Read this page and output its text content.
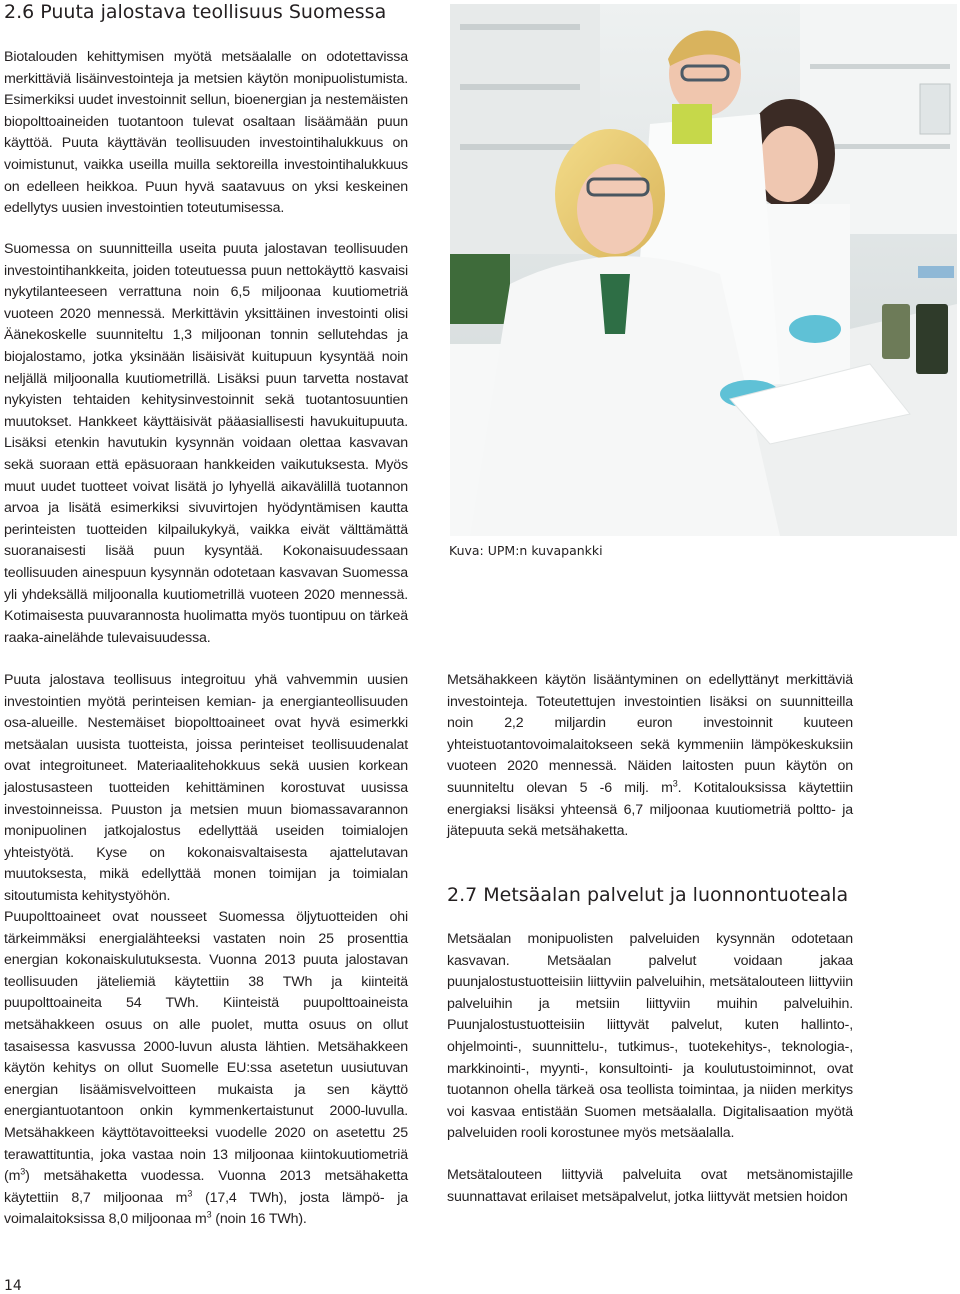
2.6 Puuta jalostava teollisuus Suomessa

Biotalouden kehittymisen myötä metsäalalle on odotettavissa merkittäviä lisäinvestointeja ja metsien käytön monipuolistumista. Esimerkiksi uudet investoinnit sellun, bioenergian ja nestemäisten biopolttoaineiden tuotantoon tulevat osaltaan lisäämään puun käyttöä. Puuta käyttävän teollisuuden investointihalukkuus on voimistunut, vaikka useilla muilla sektoreilla investointihalukkuus on edelleen heikkoa. Puun hyvä saatavuus on yksi keskeinen edellytys uusien investointien toteutumisessa.

Suomessa on suunnitteilla useita puuta jalostavan teollisuuden investointihankkeita, joiden toteutuessa puun nettokäyttö kasvaisi nykytilanteeseen verrattuna noin 6,5 miljoonaa kuutiometriä vuoteen 2020 mennessä. Merkittävin yksittäinen investointi olisi Äänekoskelle suunniteltu 1,3 miljoonan tonnin sellutehdas ja biojalostamo, jotka yksinään lisäisivät kuitupuun kysyntää noin neljällä miljoonalla kuutiometrillä. Lisäksi puun tarvetta nostavat nykyisten tehtaiden kehitysinvestoinnit sekä tuotantosuuntien muutokset. Hankkeet käyttäisivät pääasiallisesti havukuitupuuta. Lisäksi etenkin havutukin kysynnän voidaan olettaa kasvavan sekä suoraan että epäsuoraan hankkeiden vaikutuksesta. Myös muut uudet tuotteet voivat lisätä jo lyhyellä aikavälillä tuotannon arvoa ja lisätä esimerkiksi sivuvirtojen hyödyntämisen kautta perinteisten tuotteiden kilpailukykyä, vaikka eivät välttämättä suoranaisesti lisää puun kysyntää. Kokonaisuudessaan teollisuuden ainespuun kysynnän odotetaan kasvavan Suomessa yli yhdeksällä miljoonalla kuutiometrillä vuoteen 2020 mennessä. Kotimaisesta puuvarannosta huolimatta myös tuontipuu on tärkeä raaka-ainelähde tulevaisuudessa.

Puuta jalostava teollisuus integroituu yhä vahvemmin uusien investointien myötä perinteisen kemian- ja energianteollisuuden osa-alueille. Nestemäiset biopolttoaineet ovat hyvä esimerkki metsäalan uusista tuotteista, joissa perinteiset teollisuudenalat ovat integroituneet. Materiaalitehokkuus sekä uusien korkean jalostusasteen tuotteiden kehittäminen korostuvat uusissa investoinneissa. Puuston ja metsien muun biomassavarannon monipuolinen jatkojalostus edellyttää useiden toimialojen yhteistyötä. Kyse on kokonaisvaltaisesta ajattelutavan muutoksesta, mikä edellyttää monen toimijan ja toimialan sitoutumista kehitystyöhön.

Puupolttoaineet ovat nousseet Suomessa öljytuotteiden ohi tärkeimmäksi energialähteeksi vastaten noin 25 prosenttia energian kokonaiskulutuksesta. Vuonna 2013 puuta jalostavan teollisuuden jäteliemiä käytettiin 38 TWh ja kiinteitä puupolttoaineita 54 TWh. Kiinteistä puupolttoaineista metsähakkeen osuus on alle puolet, mutta osuus on ollut tasaisessa kasvussa 2000-luvun alusta lähtien. Metsähakkeen käytön kehitys on ollut Suomelle EU:ssa asetetun uusiutuvan energian lisäämisvelvoitteen mukaista ja sen käyttö energiantuotantoon onkin kymmenkertaistunut 2000-luvulla. Metsähakkeen käyttötavoitteeksi vuodelle 2020 on asetettu 25 terawattituntia, joka vastaa noin 13 miljoonaa kiintokuutiometriä $(m^3)$ metsähaketta vuodessa. Vuonna 2013 metsähaketta käytettiin 8,7 miljoonaa $m^3$ (17,4 TWh), josta lämpö- ja voimalaitoksissa 8,0 miljoonaa $m^3$ (noin 16 TWh).

Kuva: UPM:n kuvapankki

Metsähakkeen käytön lisääntyminen on edellyttänyt merkittäviä investointeja. Toteutettujen investointien lisäksi on suunnitteilla noin 2,2 miljardin euron investoinnit kuuteen yhteistuotantovoimalaitokseen sekä kymmeniin lämpökeskuksiin vuoteen 2020 mennessä. Näiden laitosten puun käytön on suunniteltu olevan 5 -6 milj. $m^3$. Kotitalouksissa käytettiin energiaksi lisäksi yhteensä 6,7 miljoonaa kuutiometriä poltto- ja jätepuuta sekä metsähaketta.

2.7 Metsäalan palvelut ja luonnontuoteala

Metsäalan monipuolisten palveluiden kysynnän odotetaan kasvavan. Metsäalan palvelut voidaan jakaa puunjalostustuotteisiin liittyviin palveluihin, metsätalouteen liittyviin palveluihin ja metsiin liittyviin muihin palveluihin. Puunjalostustuotteisiin liittyvät palvelut, kuten hallinto-, ohjelmointi-, suunnittelu-, tutkimus-, tuotekehitys-, teknologia-, markkinointi-, myynti-, konsultointi- ja koulutustoiminnot, ovat tuotannon ohella tärkeä osa teollista toimintaa, ja niiden merkitys voi kasvaa entistään Suomen metsäalalla. Digitalisaation myötä palveluiden rooli korostunee myös metsäalalla.

Metsätalouteen liittyviä palveluita ovat metsänomistajille suunnattavat erilaiset metsäpalvelut, jotka liittyvät metsien hoidon

14
